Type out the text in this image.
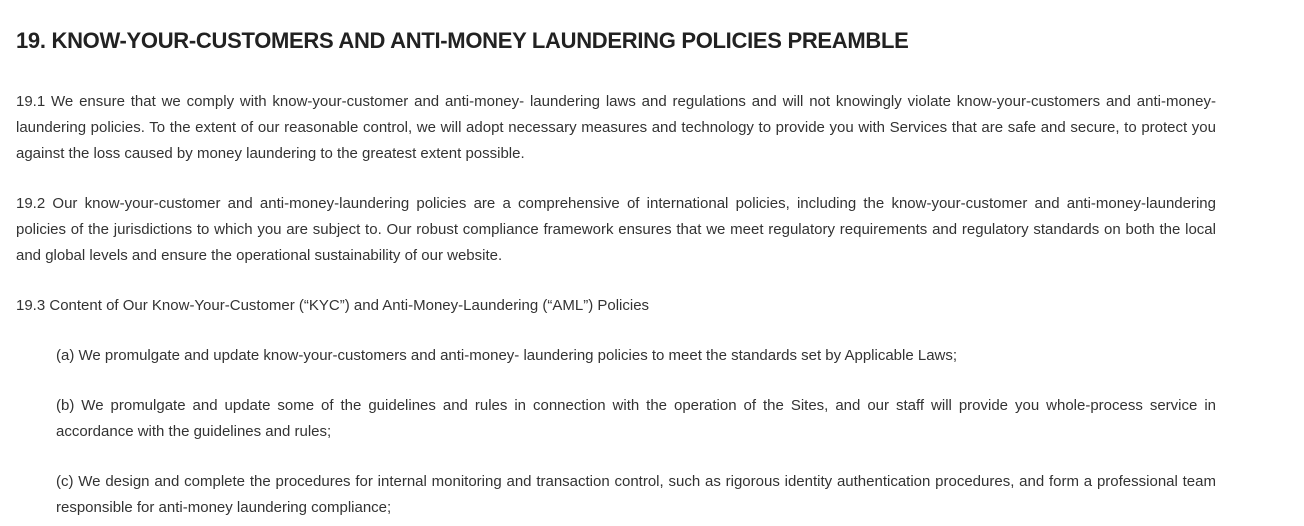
19. KNOW-YOUR-CUSTOMERS AND ANTI-MONEY LAUNDERING POLICIES PREAMBLE

19.1 We ensure that we comply with know-your-customer and anti-money- laundering laws and regulations and will not knowingly violate know-your-customers and anti-money-laundering policies. To the extent of our reasonable control, we will adopt necessary measures and technology to provide you with Services that are safe and secure, to protect you against the loss caused by money laundering to the greatest extent possible.

19.2 Our know-your-customer and anti-money-laundering policies are a comprehensive of international policies, including the know-your-customer and anti-money-laundering policies of the jurisdictions to which you are subject to. Our robust compliance framework ensures that we meet regulatory requirements and regulatory standards on both the local and global levels and ensure the operational sustainability of our website.

19.3 Content of Our Know-Your-Customer (“KYC”) and Anti-Money-Laundering (“AML”) Policies

(a) We promulgate and update know-your-customers and anti-money- laundering policies to meet the standards set by Applicable Laws;

(b) We promulgate and update some of the guidelines and rules in connection with the operation of the Sites, and our staff will provide you whole-process service in accordance with the guidelines and rules;

(c) We design and complete the procedures for internal monitoring and transaction control, such as rigorous identity authentication procedures, and form a professional team responsible for anti-money laundering compliance;
